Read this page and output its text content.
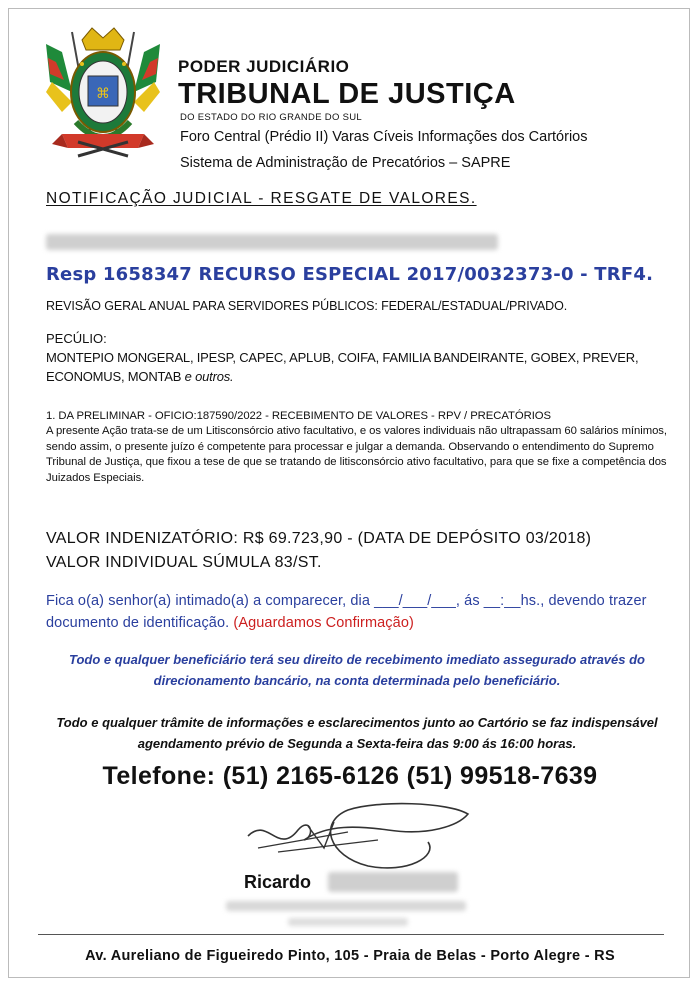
⌘
PODER JUDICIÁRIO
TRIBUNAL DE JUSTIÇA
DO ESTADO DO RIO GRANDE DO SUL
Foro Central (Prédio II) Varas Cíveis Informações dos Cartórios
Sistema de Administração de Precatórios – SAPRE
NOTIFICAÇÃO JUDICIAL - RESGATE DE VALORES.
Resp 1658347 RECURSO ESPECIAL 2017/0032373-0 - TRF4.
REVISÃO GERAL ANUAL PARA SERVIDORES PÚBLICOS: FEDERAL/ESTADUAL/PRIVADO.
PECÚLIO:
MONTEPIO MONGERAL, IPESP, CAPEC, APLUB, COIFA, FAMILIA BANDEIRANTE, GOBEX, PREVER, ECONOMUS, MONTAB e outros.
1. DA PRELIMINAR - OFICIO:187590/2022 - RECEBIMENTO DE VALORES - RPV / PRECATÓRIOS
A presente Ação trata-se de um Litisconsórcio ativo facultativo, e os valores individuais não ultrapassam 60 salários mínimos, sendo assim, o presente juízo é competente para processar e julgar a demanda. Observando o entendimento do Supremo Tribunal de Justiça, que fixou a tese de que se tratando de litisconsórcio ativo facultativo, para que se fixe a competência dos Juizados Especiais.
VALOR INDENIZATÓRIO: R$ 69.723,90 - (DATA DE DEPÓSITO 03/2018)
VALOR INDIVIDUAL SÚMULA 83/ST.
Fica o(a) senhor(a) intimado(a) a comparecer, dia ___/___/___, ás __:__hs., devendo trazer documento de identificação. (Aguardamos Confirmação)
Todo e qualquer beneficiário terá seu direito de recebimento imediato assegurado através do direcionamento bancário, na conta determinada pelo beneficiário.
Todo e qualquer trâmite de informações e esclarecimentos junto ao Cartório se faz indispensável agendamento prévio de Segunda a Sexta-feira das 9:00 ás 16:00 horas.
Telefone: (51) 2165-6126 (51) 99518-7639
Ricardo
Av. Aureliano de Figueiredo Pinto, 105 - Praia de Belas - Porto Alegre - RS
